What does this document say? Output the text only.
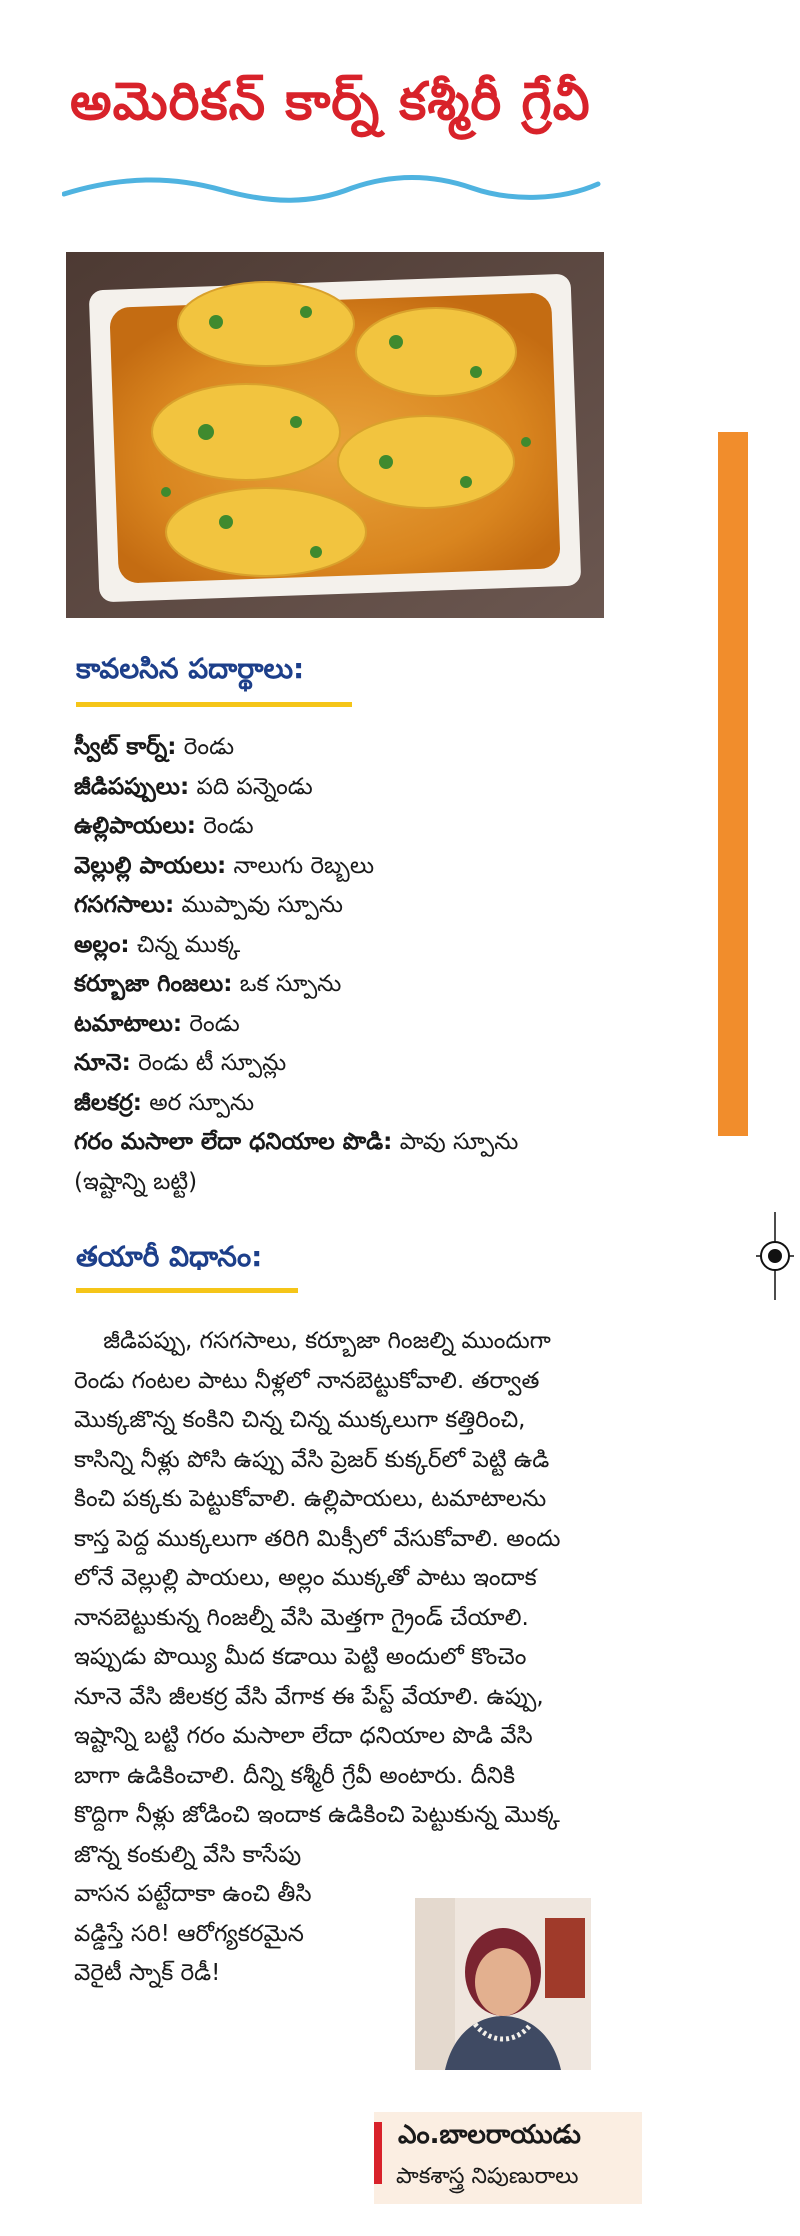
అమెరికన్ కార్న్ కశ్మీరీ గ్రేవీ
కావలసిన పదార్థాలు:
స్వీట్ కార్న్: రెండు
జీడిపప్పులు: పది పన్నెండు
ఉల్లిపాయలు: రెండు
వెల్లుల్లి పాయలు: నాలుగు రెబ్బలు
గసగసాలు: ముప్పావు స్పూను
అల్లం: చిన్న ముక్క
కర్బూజా గింజలు: ఒక స్పూను
టమాటాలు: రెండు
నూనె: రెండు టీ స్పూన్లు
జీలకర్ర: అర స్పూను
గరం మసాలా లేదా ధనియాల పొడి: పావు స్పూను
(ఇష్టాన్ని బట్టి)
తయారీ విధానం:
జీడిపప్పు, గసగసాలు, కర్బూజా గింజల్ని ముందుగా
రెండు గంటల పాటు నీళ్లలో నానబెట్టుకోవాలి. తర్వాత
మొక్కజొన్న కంకిని చిన్న చిన్న ముక్కలుగా కత్తిరించి,
కాసిన్ని నీళ్లు పోసి ఉప్పు వేసి ప్రెజర్ కుక్కర్‌లో పెట్టి ఉడి
కించి పక్కకు పెట్టుకోవాలి. ఉల్లిపాయలు, టమాటాలను
కాస్త పెద్ద ముక్కలుగా తరిగి మిక్సీలో వేసుకోవాలి. అందు
లోనే వెల్లుల్లి పాయలు, అల్లం ముక్కతో పాటు ఇందాక
నానబెట్టుకున్న గింజల్నీ వేసి మెత్తగా గ్రైండ్ చేయాలి.
ఇప్పుడు పొయ్యి మీద కడాయి పెట్టి అందులో కొంచెం
నూనె వేసి జీలకర్ర వేసి వేగాక ఈ పేస్ట్ వేయాలి. ఉప్పు,
ఇష్టాన్ని బట్టి గరం మసాలా లేదా ధనియాల పొడి వేసి
బాగా ఉడికించాలి. దీన్ని కశ్మీరీ గ్రేవీ అంటారు. దీనికి
కొద్దిగా నీళ్లు జోడించి ఇందాక ఉడికించి పెట్టుకున్న మొక్క
జొన్న కంకుల్ని వేసి కాసేపు
వాసన పట్టేదాకా ఉంచి తీసి
వడ్డిస్తే సరి! ఆరోగ్యకరమైన
వెరైటీ స్నాక్ రెడీ!
ఎం.బాలరాయుడు
పాకశాస్త్ర నిపుణురాలు
